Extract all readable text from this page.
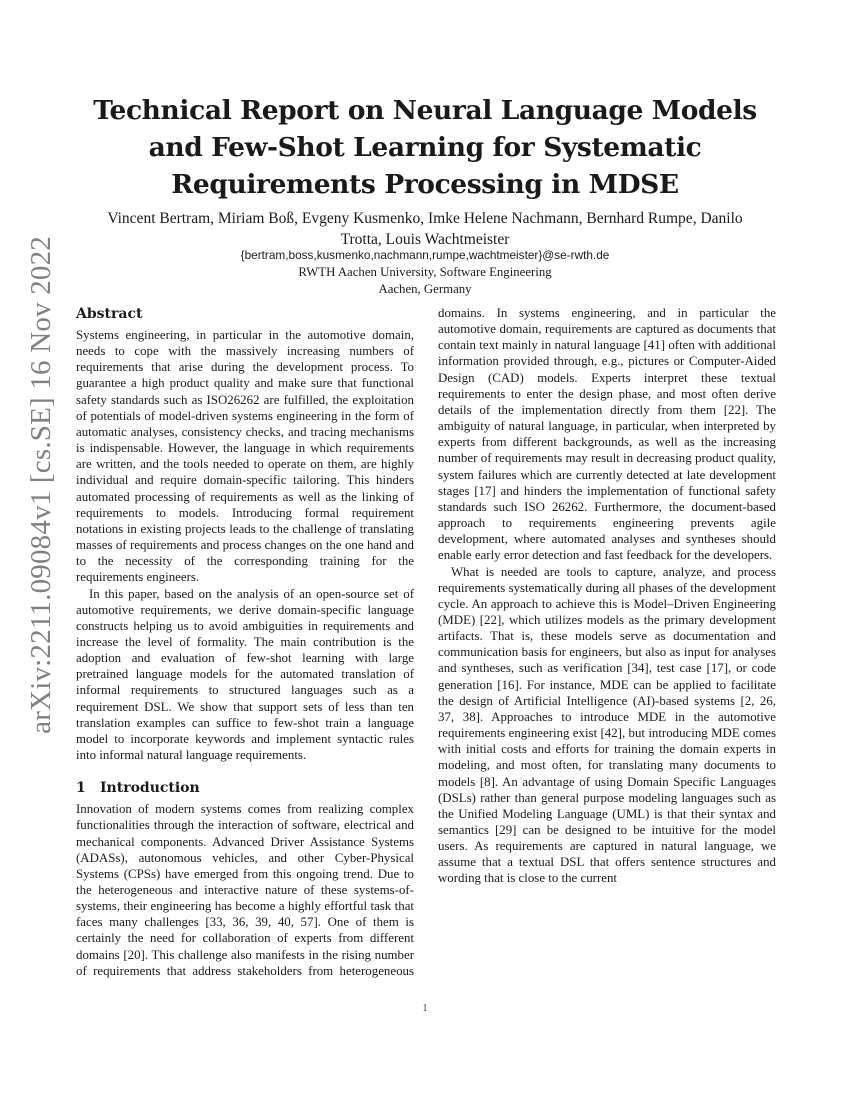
arXiv:2211.09084v1 [cs.SE] 16 Nov 2022
Technical Report on Neural Language Models and Few-Shot Learning for Systematic Requirements Processing in MDSE
Vincent Bertram, Miriam Boß, Evgeny Kusmenko, Imke Helene Nachmann, Bernhard Rumpe, Danilo Trotta, Louis Wachtmeister
{bertram,boss,kusmenko,nachmann,rumpe,wachtmeister}@se-rwth.de
RWTH Aachen University, Software Engineering
Aachen, Germany
Abstract

Systems engineering, in particular in the automotive domain, needs to cope with the massively increasing numbers of requirements that arise during the development process. To guarantee a high product quality and make sure that functional safety standards such as ISO26262 are fulfilled, the exploitation of potentials of model-driven systems engineering in the form of automatic analyses, consistency checks, and tracing mechanisms is indispensable. However, the language in which requirements are written, and the tools needed to operate on them, are highly individual and require domain-specific tailoring. This hinders automated processing of requirements as well as the linking of requirements to models. Introducing formal requirement notations in existing projects leads to the challenge of translating masses of requirements and process changes on the one hand and to the necessity of the corresponding training for the requirements engineers.

In this paper, based on the analysis of an open-source set of automotive requirements, we derive domain-specific language constructs helping us to avoid ambiguities in requirements and increase the level of formality. The main contribution is the adoption and evaluation of few-shot learning with large pretrained language models for the automated translation of informal requirements to structured languages such as a requirement DSL. We show that support sets of less than ten translation examples can suffice to few-shot train a language model to incorporate keywords and implement syntactic rules into informal natural language requirements.

1 Introduction

Innovation of modern systems comes from realizing complex functionalities through the interaction of software, electrical and mechanical components. Advanced Driver Assistance Systems (ADASs), autonomous vehicles, and other Cyber-Physical Systems (CPSs) have emerged from this ongoing trend. Due to the heterogeneous and interactive nature of these systems-of-systems, their engineering has become a highly effortful task that faces many challenges [33, 36, 39, 40, 57]. One of them is certainly the need for collaboration of experts from different domains [20]. This challenge also manifests in the rising number of requirements that address stakeholders from heterogeneous

domains. In systems engineering, and in particular the automotive domain, requirements are captured as documents that contain text mainly in natural language [41] often with additional information provided through, e.g., pictures or Computer-Aided Design (CAD) models. Experts interpret these textual requirements to enter the design phase, and most often derive details of the implementation directly from them [22]. The ambiguity of natural language, in particular, when interpreted by experts from different backgrounds, as well as the increasing number of requirements may result in decreasing product quality, system failures which are currently detected at late development stages [17] and hinders the implementation of functional safety standards such ISO 26262. Furthermore, the document-based approach to requirements engineering prevents agile development, where automated analyses and syntheses should enable early error detection and fast feedback for the developers.

What is needed are tools to capture, analyze, and process requirements systematically during all phases of the development cycle. An approach to achieve this is Model–Driven Engineering (MDE) [22], which utilizes models as the primary development artifacts. That is, these models serve as documentation and communication basis for engineers, but also as input for analyses and syntheses, such as verification [34], test case [17], or code generation [16]. For instance, MDE can be applied to facilitate the design of Artificial Intelligence (AI)-based systems [2, 26, 37, 38]. Approaches to introduce MDE in the automotive requirements engineering exist [42], but introducing MDE comes with initial costs and efforts for training the domain experts in modeling, and most often, for translating many documents to models [8]. An advantage of using Domain Specific Languages (DSLs) rather than general purpose modeling languages such as the Unified Modeling Language (UML) is that their syntax and semantics [29] can be designed to be intuitive for the model users. As requirements are captured in natural language, we assume that a textual DSL that offers sentence structures and wording that is close to the current

1
